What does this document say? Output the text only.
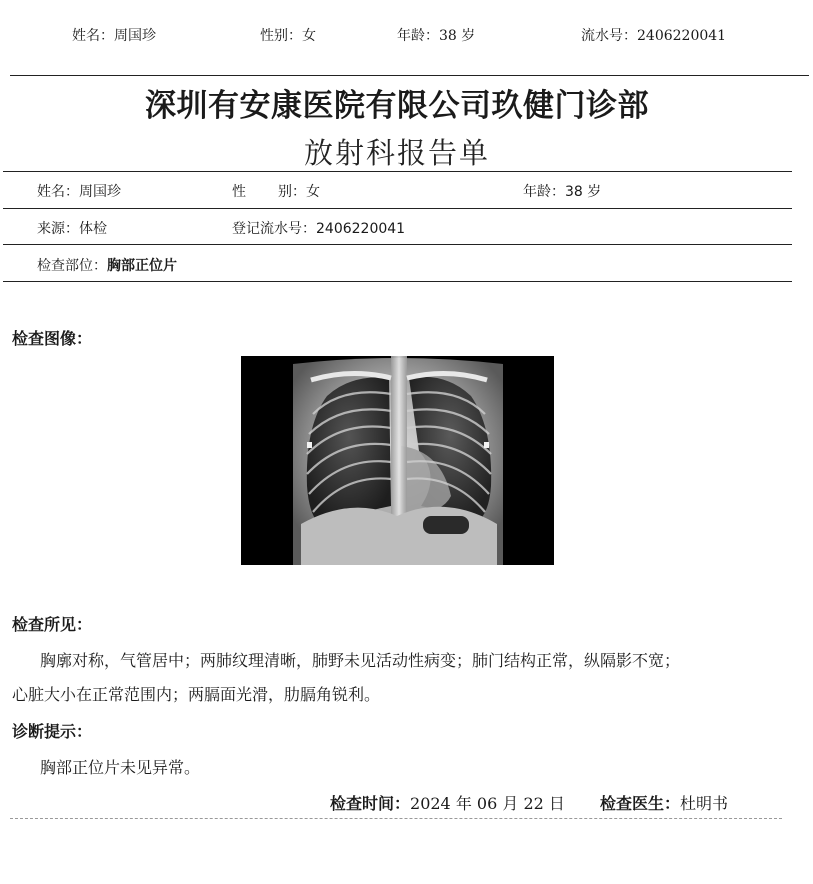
姓名：周国珍	性别：女	年龄：38 岁	流水号：2406220041
深圳有安康医院有限公司玖健门诊部
放射科报告单
姓名：周国珍	性 别：女	年龄：38 岁
来源：体检	登记流水号：2406220041
检查部位：胸部正位片
检查图像：
检查所见：
胸廓对称，气管居中；两肺纹理清晰，肺野未见活动性病变；肺门结构正常，纵隔影不宽；
心脏大小在正常范围内；两膈面光滑，肋膈角锐利。
诊断提示：
胸部正位片未见异常。
检查时间：2024 年 06 月 22 日 检查医生：杜明书
